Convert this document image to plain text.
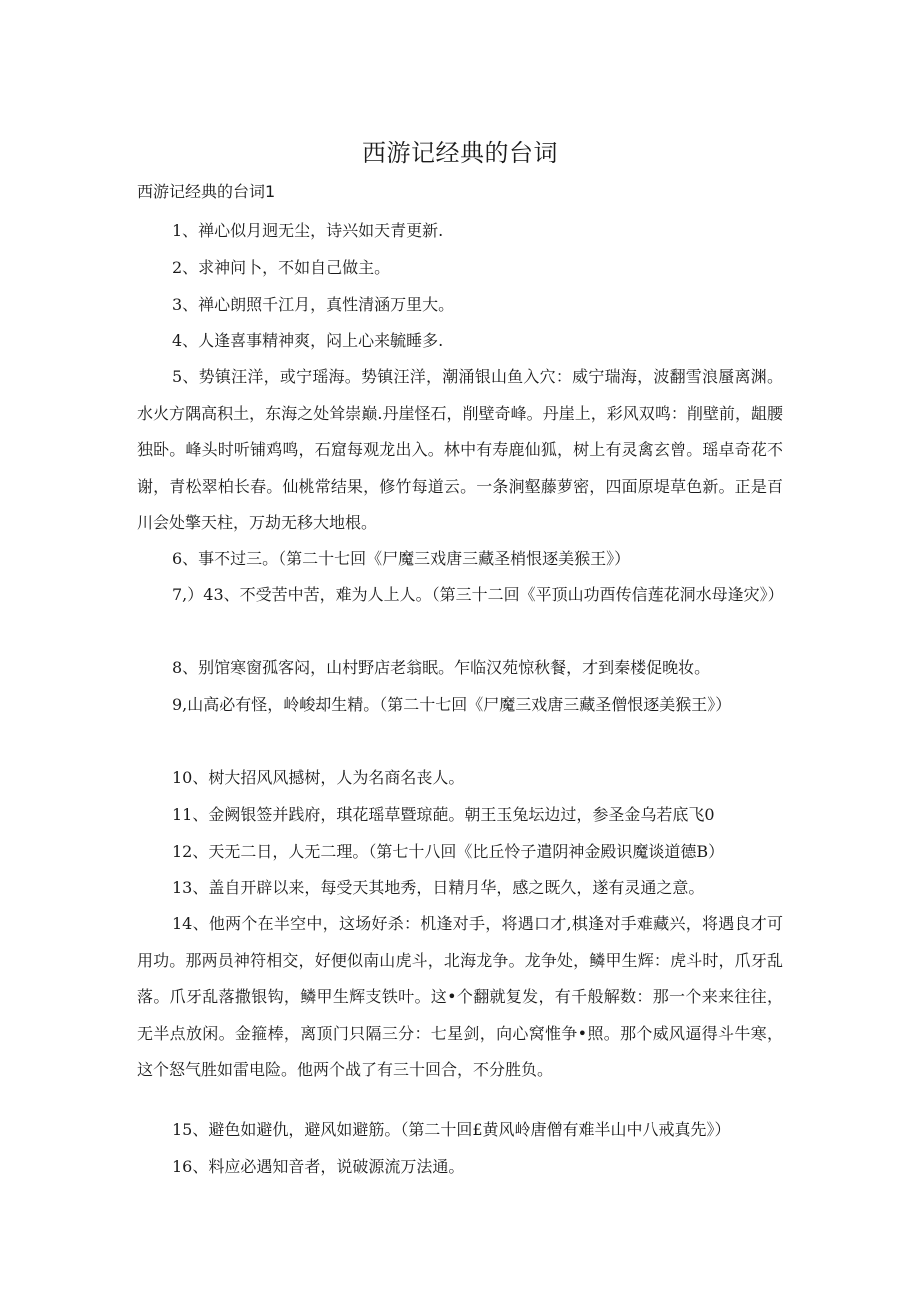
西游记经典的台词

西游记经典的台词1

1、禅心似月迥无尘，诗兴如天青更新.

2、求神问卜，不如自己做主。

3、禅心朗照千江月，真性清涵万里大。

4、人逢喜事精神爽，闷上心来毓睡多.

5、势镇汪洋，或宁瑶海。势镇汪洋，潮涌银山鱼入穴：威宁瑞海，波翻雪浪蜃离渊。水火方隅高积土，东海之处耸崇巅.丹崖怪石，削壁奇峰。丹崖上，彩风双鸣：削壁前，龃腰独卧。峰头时听铺鸡鸣，石窟每观龙出入。林中有寿鹿仙狐，树上有灵禽玄曾。瑶卓奇花不谢，青松翠柏长春。仙桃常结果，修竹每道云。一条涧壑藤萝密，四面原堤草色新。正是百川会处擎天柱，万劫无移大地根。

6、事不过三。（第二十七回《尸魔三戏唐三藏圣梢恨逐美猴王》）

7,）43、不受苦中苦，难为人上人。（第三十二回《平顶山功酉传信莲花洞水母逢灾》）

8、别馆寒窗孤客闷，山村野店老翁眠。乍临汉苑惊秋餐，才到秦楼促晚妆。

9,山高必有怪，岭峻却生精。（第二十七回《尸魔三戏唐三藏圣僧恨逐美猴王》）

10、树大招风风撼树，人为名商名丧人。

11、金阙银签并践府，琪花瑶草暨琼葩。朝王玉兔坛边过，参圣金乌若底飞0

12、天无二日，人无二理。（第七十八回《比丘怜子遣阴神金殿识魔谈道德B）

13、盖自开辟以来，每受天其地秀，日精月华，感之既久，遂有灵通之意。

14、他两个在半空中，这场好杀：机逢对手，将遇口才,棋逢对手难藏兴，将遇良才可用功。那两员神符相交，好便似南山虎斗，北海龙争。龙争处，鳞甲生辉：虎斗时，爪牙乱落。爪牙乱落撒银钩，鳞甲生辉支铁叶。这•个翻就复发，有千般解数：那一个来来往往，无半点放闲。金箍棒，离顶门只隔三分：七星剑，向心窝惟争•照。那个威风逼得斗牛寒，这个怒气胜如雷电险。他两个战了有三十回合，不分胜负。

15、避色如避仇，避风如避筋。（第二十回£黄风岭唐僧有难半山中八戒真先》）

16、料应必遇知音者，说破源流万法通。
